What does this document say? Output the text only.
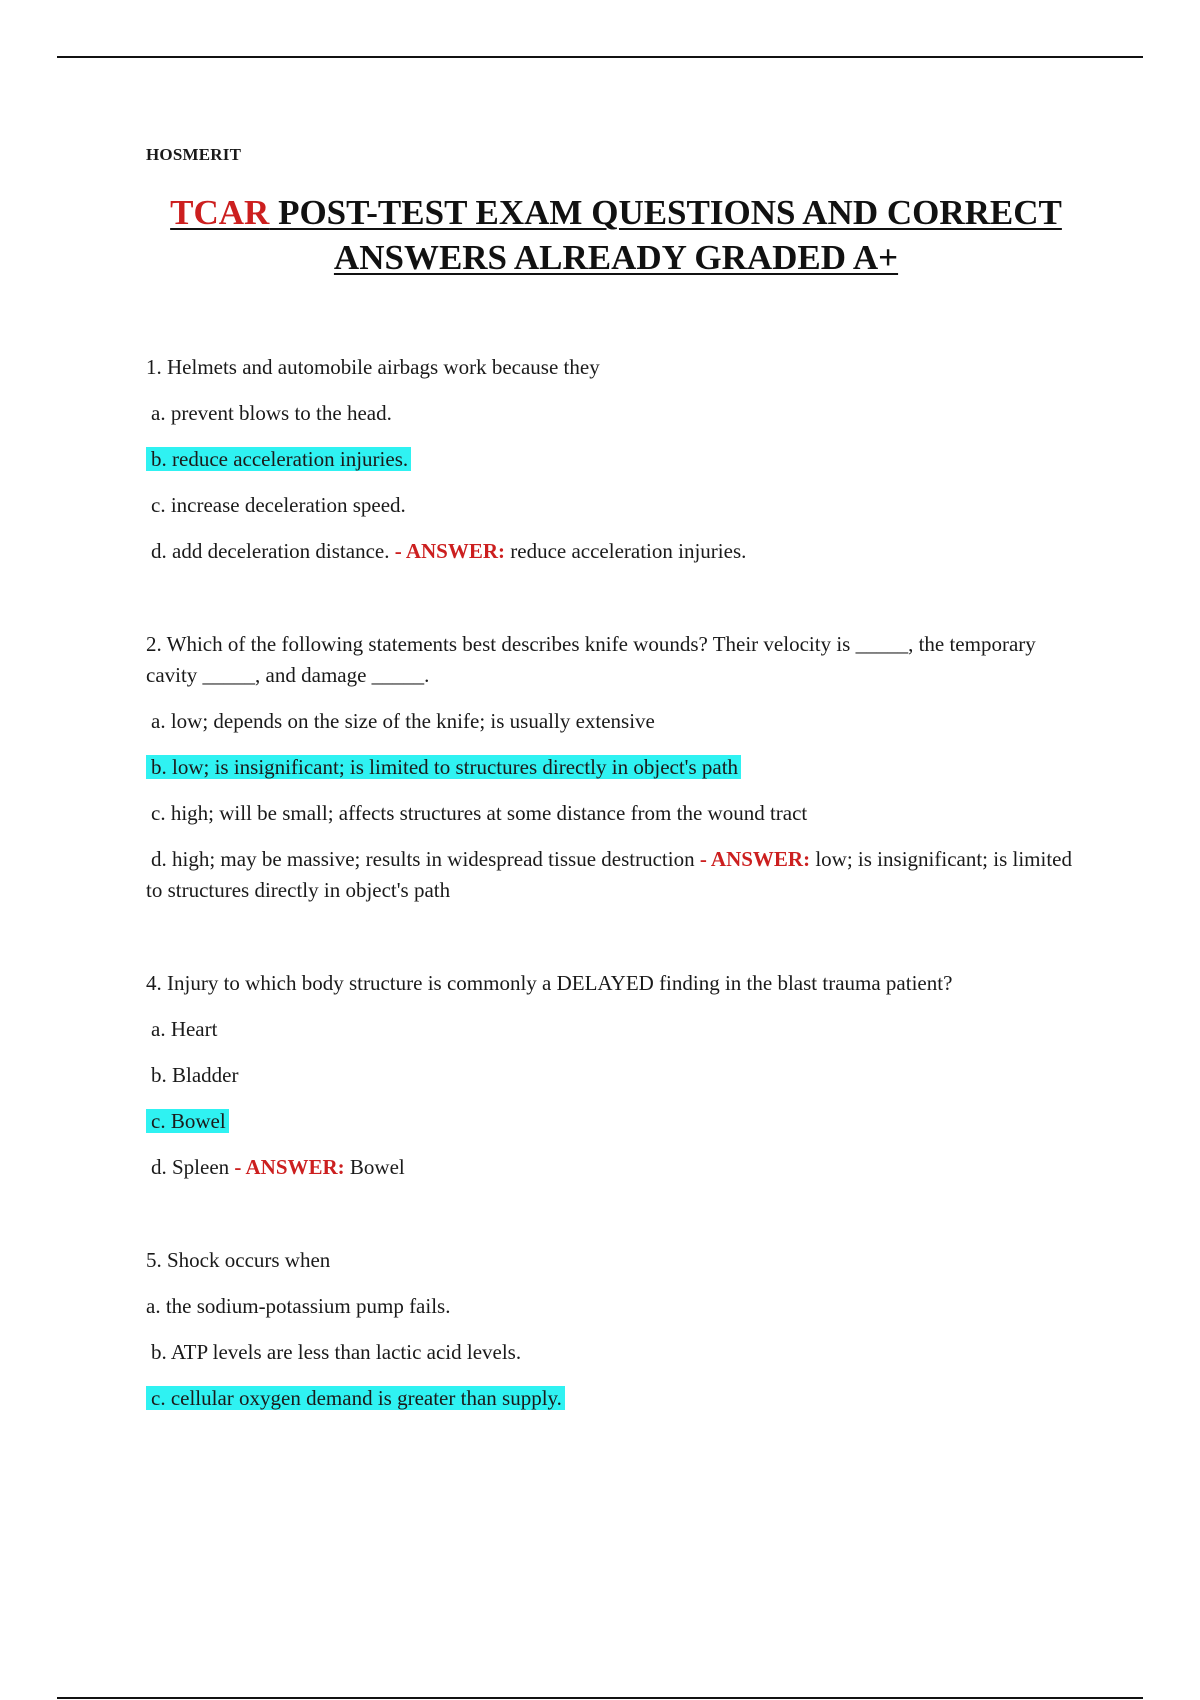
HOSMERIT
TCAR POST-TEST EXAM QUESTIONS AND CORRECT
ANSWERS ALREADY GRADED A+

1. Helmets and automobile airbags work because they

a. prevent blows to the head.

b. reduce acceleration injuries.

c. increase deceleration speed.

d. add deceleration distance. - ANSWER: reduce acceleration injuries.

2. Which of the following statements best describes knife wounds? Their velocity is _____, the temporary cavity _____, and damage _____.

a. low; depends on the size of the knife; is usually extensive

b. low; is insignificant; is limited to structures directly in object's path

c. high; will be small; affects structures at some distance from the wound tract

d. high; may be massive; results in widespread tissue destruction - ANSWER: low; is insignificant; is limited to structures directly in object's path

4. Injury to which body structure is commonly a DELAYED finding in the blast trauma patient?

a. Heart

b. Bladder

c. Bowel

d. Spleen - ANSWER: Bowel

5. Shock occurs when

a. the sodium-potassium pump fails.

b. ATP levels are less than lactic acid levels.

c. cellular oxygen demand is greater than supply.
